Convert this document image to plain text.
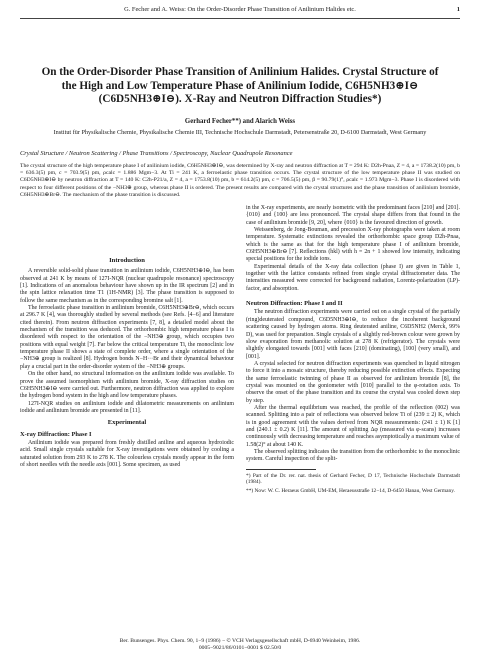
G. Fecher and A. Weiss: On the Order-Disorder Phase Transition of Anilinium Halides etc.	1
On the Order-Disorder Phase Transition of Anilinium Halides. Crystal Structure of the High and Low Temperature Phase of Anilinium Iodide, C6H5NH3⊕I⊖ (C6D5NH3⊕I⊖). X-Ray and Neutron Diffraction Studies*)
Gerhard Fecher**) and Alarich Weiss
Institut für Physikalische Chemie, Physikalische Chemie III, Technische Hochschule Darmstadt, Petersenstraße 20, D-6100 Darmstadt, West Germany
Crystal Structure / Neutron Scattering / Phase Transitions / Spectroscopy, Nuclear Quadrupole Resonance
The crystal structure of the high temperature phase I of anilinium iodide, C6H5NH3⊕I⊖, was determined by X-ray and neutron diffraction at T = 294 K: D2h-Pnaa, Z = 4, a = 1738.2(10) pm, b = 636.3(5) pm, c = 703.9(5) pm, ρcalc = 1.886 Mgm−3. At Ti = 241 K, a ferroelastic phase transition occurs. The crystal structure of the low temperature phase II was studied on C6D5NH3⊕I⊖ by neutron diffraction at T = 140 K: C2h-P21/a, Z = 4, a = 1753.8(10) pm, b = 614.2(5) pm, c = 706.5(5) pm, β = 90.79(1)°, ρcalc = 1.973 Mgm−3. Phase I is disordered with respect to four different positions of the −NH3⊕ group, whereas phase II is ordered. The present results are compared with the crystal structures and the phase transition of anilinium bromide, C6H5NH3⊕Br⊖. The mechanism of the phase transition is discussed.
Introduction

A reversible solid-solid phase transition in anilinium iodide, C6H5NH3⊕I⊖, has been observed at 241 K by means of 127I-NQR (nuclear quadrupole resonance) spectroscopy [1]. Indications of an anomalous behaviour have shown up in the IR spectrum [2] and in the spin lattice relaxation time T1 (1H-NMR) [3]. The phase transition is supposed to follow the same mechanism as in the corresponding bromine salt [1].

The ferroelastic phase transition in anilinium bromide, C6H5NH3⊕Br⊖, which occurs at 296.7 K [4], was thoroughly studied by several methods (see Refs. [4−6] and literature cited therein). From neutron diffraction experiments [7, 8], a detailed model about the mechanism of the transition was deduced. The orthorhombic high temperature phase I is disordered with respect to the orientation of the −NH3⊕ group, which occupies two positions with equal weight [7]. Far below the critical temperature Ti, the monoclinic low temperature phase II shows a state of complete order, where a single orientation of the −NH3⊕ group is realized [8]. Hydrogen bonds N−H···Br and their dynamical behaviour play a crucial part in the order-disorder system of the −NH3⊕ groups.

On the other hand, no structural information on the anilinium iodide was available. To prove the assumed isomorphism with anilinium bromide, X-ray diffraction studies on C6H5NH3⊕I⊖ were carried out. Furthermore, neutron diffraction was applied to explore the hydrogen bond system in the high and low temperature phases.

127I-NQR studies on anilinium iodide and dilatometric measurements on anilinium iodide and anilinium bromide are presented in [11].

Experimental
X-ray Diffraction: Phase I

Anilinium iodide was prepared from freshly distilled aniline and aqueous hydroiodic acid. Small single crystals suitable for X-ray investigations were obtained by cooling a saturated solution from 293 K to 278 K. The colourless crystals mostly appear in the form of short needles with the needle axis [001]. Some specimen, as used

in the X-ray experiments, are nearly isometric with the predominant faces [210] and [201]. {010} and {100} are less pronounced. The crystal shape differs from that found in the case of anilinium bromide [9, 20], where {010} is the favoured direction of growth.

Weissenberg, de Jong-Bouman, and precession X-ray photographs were taken at room temperature. Systematic extinctions revealed the orthorhombic space group D2h-Pnaa, which is the same as that for the high temperature phase I of anilinium bromide, C6H5NH3⊕Br⊖ [7]. Reflections (hkl) with h = 2n + 1 showed low intensity, indicating special positions for the iodide ions.

Experimental details of the X-ray data collection (phase I) are given in Table 1, together with the lattice constants refined from single crystal diffractometer data. The intensities measured were corrected for background radiation, Lorentz-polarization (LP)-factor, and absorption.

Neutron Diffraction: Phase I and II

The neutron diffraction experiments were carried out on a single crystal of the partially (ring)deuterated compound, C6D5NH3⊕I⊖, to reduce the incoherent background scattering caused by hydrogen atoms. Ring deuterated aniline, C6D5NH2 (Merck, 99% D), was used for preparation. Single crystals of a slightly red-brown colour were grown by slow evaporation from methanolic solution at 278 K (refrigerator). The crystals were slightly elongated towards [001] with faces [210] (dominating), [100] (very small), and [001].

A crystal selected for neutron diffraction experiments was quenched in liquid nitrogen to force it into a mosaic structure, thereby reducing possible extinction effects. Expecting the same ferroelastic twinning of phase II as observed for anilinium bromide [8], the crystal was mounted on the goniometer with [010] parallel to the φ-rotation axis. To observe the onset of the phase transition and its course the crystal was cooled down step by step.

After the thermal equilibrium was reached, the profile of the reflection (002) was scanned. Splitting into a pair of reflections was observed below Ti of (239 ± 2) K, which is in good agreement with the values derived from NQR measurements: (241 ± 1) K [1] and (240.1 ± 0.2) K [11]. The amount of splitting Δφ (measured via φ-scans) increases continuously with decreasing temperature and reaches asymptotically a maximum value of 1.58(2)° at about 140 K.

The observed splitting indicates the transition from the orthorhombic to the monoclinic system. Careful inspection of the split-

*) Part of the Dr. rer. nat. thesis of Gerhard Fecher, D 17, Technische Hochschule Darmstadt (1984).
**) Now: W. C. Heraeus GmbH, UM-EM, Heraeusstraße 12−14, D-6450 Hanau, West Germany.
Ber. Bunsenges. Phys. Chem. 90, 1−9 (1986) − © VCH Verlagsgesellschaft mbH, D-6940 Weinheim, 1986.
0005−9021/86/0101−0001 $ 02.50/0
